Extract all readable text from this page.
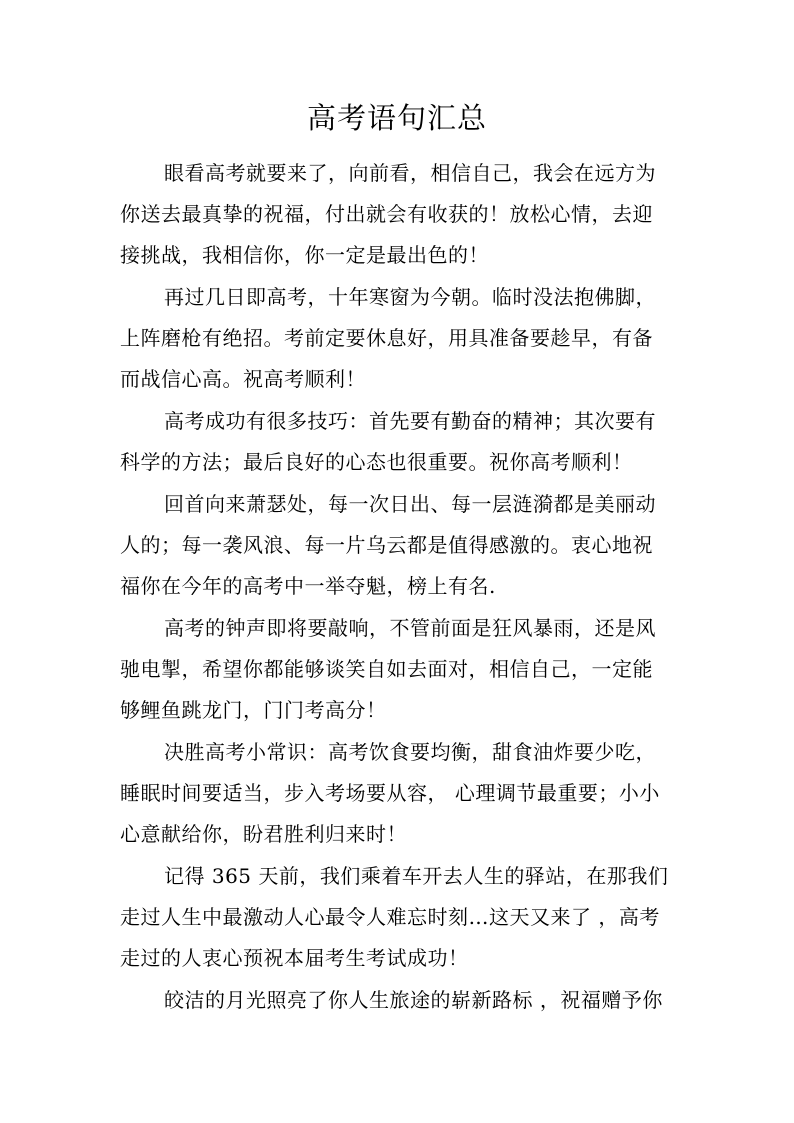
高考语句汇总

眼看高考就要来了，向前看，相信自己，我会在远方为

你送去最真挚的祝福，付出就会有收获的！放松心情，去迎

接挑战，我相信你，你一定是最出色的！

再过几日即高考，十年寒窗为今朝。临时没法抱佛脚，

上阵磨枪有绝招。考前定要休息好，用具准备要趁早，有备

而战信心高。祝高考顺利！

高考成功有很多技巧：首先要有勤奋的精神；其次要有

科学的方法；最后良好的心态也很重要。祝你高考顺利！

回首向来萧瑟处，每一次日出、每一层涟漪都是美丽动

人的；每一袭风浪、每一片乌云都是值得感激的。衷心地祝

福你在今年的高考中一举夺魁，榜上有名.

高考的钟声即将要敲响，不管前面是狂风暴雨，还是风

驰电掣，希望你都能够谈笑自如去面对，相信自己，一定能

够鲤鱼跳龙门，门门考高分！

决胜高考小常识：高考饮食要均衡，甜食油炸要少吃，

睡眠时间要适当，步入考场要从容， 心理调节最重要；小小

心意献给你，盼君胜利归来时！

记得 365 天前，我们乘着车开去人生的驿站，在那我们

走过人生中最激动人心最令人难忘时刻…这天又来了 ，高考

走过的人衷心预祝本届考生考试成功！

皎洁的月光照亮了你人生旅途的崭新路标 ，祝福赠予你
